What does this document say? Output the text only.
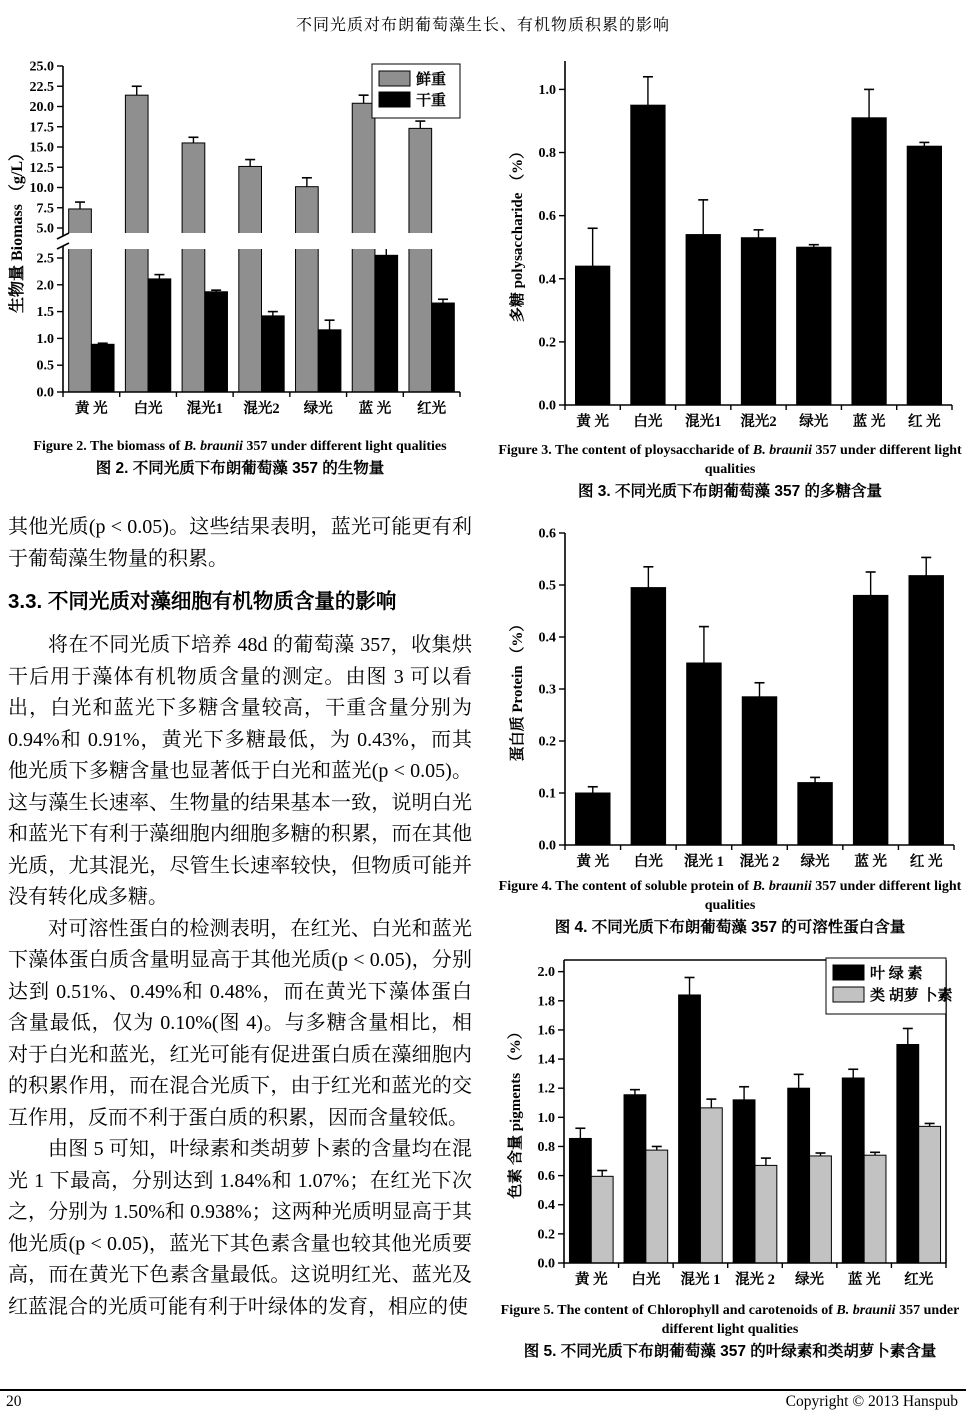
不同光质对布朗葡萄藻生长、有机物质积累的影响
黄 光 白光 混光1 混光2 绿光 蓝 光 红光
5.0
7.5
10.0
12.5
15.0
17.5
20.0
22.5
25.0
0.0
0.5
1.0
1.5
2.0
2.5
生物量 Biomass （g/L）
鲜重
干重
Figure 2. The biomass of B. braunii 357 under different light qualities
图 2. 不同光质下布朗葡萄藻 357 的生物量

其他光质(p < 0.05)。这些结果表明，蓝光可能更有利于葡萄藻生物量的积累。

3.3. 不同光质对藻细胞有机物质含量的影响

将在不同光质下培养 48d 的葡萄藻 357，收集烘干后用于藻体有机物质含量的测定。由图 3 可以看出，白光和蓝光下多糖含量较高，干重含量分别为 0.94%和 0.91%，黄光下多糖最低，为 0.43%，而其他光质下多糖含量也显著低于白光和蓝光(p < 0.05)。这与藻生长速率、生物量的结果基本一致，说明白光和蓝光下有利于藻细胞内细胞多糖的积累，而在其他光质，尤其混光，尽管生长速率较快，但物质可能并没有转化成多糖。

对可溶性蛋白的检测表明，在红光、白光和蓝光下藻体蛋白质含量明显高于其他光质(p < 0.05)，分别达到 0.51%、0.49%和 0.48%，而在黄光下藻体蛋白含量最低，仅为 0.10%(图 4)。与多糖含量相比，相对于白光和蓝光，红光可能有促进蛋白质在藻细胞内的积累作用，而在混合光质下，由于红光和蓝光的交互作用，反而不利于蛋白质的积累，因而含量较低。

由图 5 可知，叶绿素和类胡萝卜素的含量均在混光 1 下最高，分别达到 1.84%和 1.07%；在红光下次之，分别为 1.50%和 0.938%；这两种光质明显高于其他光质(p < 0.05)，蓝光下其色素含量也较其他光质要高，而在黄光下色素含量最低。这说明红光、蓝光及红蓝混合的光质可能有利于叶绿体的发育，相应的使

黄 光 白光 混光1 混光2 绿光 蓝 光 红 光
0.0
0.2
0.4
0.6
0.8
1.0
多糖 polysaccharide （%）
Figure 3. The content of ploysaccharide of B. braunii 357 under different light qualities
图 3. 不同光质下布朗葡萄藻 357 的多糖含量
黄 光 白光 混光 1 混光 2 绿光 蓝 光 红 光
0.0
0.1
0.2
0.3
0.4
0.5
0.6
蛋白质 Protein （%）
Figure 4. The content of soluble protein of B. braunii 357 under different light qualities
图 4. 不同光质下布朗葡萄藻 357 的可溶性蛋白含量
黄 光 白光 混光 1 混光 2 绿光 蓝 光 红光
0.0
0.2
0.4
0.6
0.8
1.0
1.2
1.4
1.6
1.8
2.0
色素 含量 pigments （%）
叶 绿 素
类 胡萝 卜素
Figure 5. The content of Chlorophyll and carotenoids of B. braunii 357 under different light qualities
图 5. 不同光质下布朗葡萄藻 357 的叶绿素和类胡萝卜素含量
20	Copyright © 2013 Hanspub
